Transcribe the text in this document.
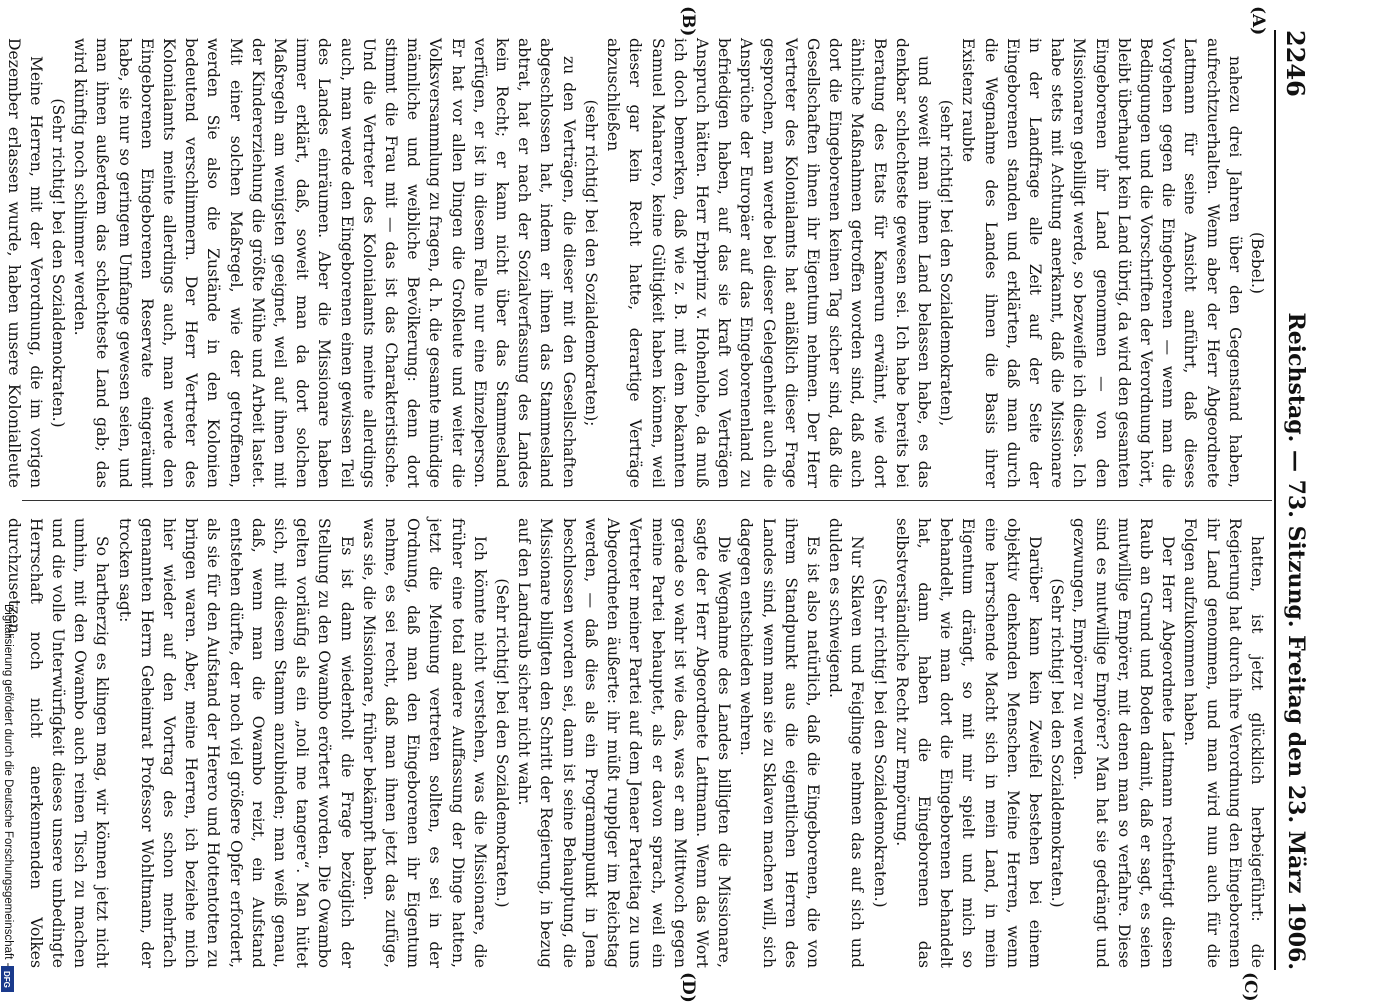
2246
Reichstag. — 73. Sitzung. Freitag den 23. März 1906.
(A)
(B)
(C)
(D)

(Bebel.)

nahezu drei Jahren über den Gegenstand haben, aufrechtzuerhalten. Wenn aber der Herr Abgeordnete Lattmann für seine Ansicht anführt, daß dieses Vorgehen gegen die Eingeborenen — wenn man die Bedingungen und die Vorschriften der Verordnung hört, bleibt überhaupt kein Land übrig, da wird den gesamten Eingeborenen ihr Land genommen — von den Missionaren gebilligt werde, so bezweifle ich dieses. Ich habe stets mit Achtung anerkannt, daß die Missionare in der Landfrage alle Zeit auf der Seite der Eingeborenen standen und erklärten, daß man durch die Wegnahme des Landes ihnen die Basis ihrer Existenz raubte

(sehr richtig! bei den Sozialdemokraten),

und soweit man ihnen Land belassen habe, es das denkbar schlechteste gewesen sei. Ich habe bereits bei Beratung des Etats für Kamerun erwähnt, wie dort ähnliche Maßnahmen getroffen worden sind, daß auch dort die Eingeborenen keinen Tag sicher sind, daß die Gesellschaften ihnen ihr Eigentum nehmen. Der Herr Vertreter des Kolonialamts hat anläßlich dieser Frage gesprochen, man werde bei dieser Gelegenheit auch die Ansprüche der Europäer auf das Eingeborenenland zu befriedigen haben, auf das sie kraft von Verträgen Anspruch hätten. Herr Erbprinz v. Hohenlohe, da muß ich doch bemerken, daß wie z. B. mit dem bekannten Samuel Maharero, keine Gültigkeit haben können, weil dieser gar kein Recht hatte, derartige Verträge abzuschließen

(sehr richtig! bei den Sozialdemokraten);

zu den Verträgen, die dieser mit den Gesellschaften abgeschlossen hat, indem er ihnen das Stammesland abtrat, hat er nach der Sozialverfassung des Landes kein Recht; er kann nicht über das Stammesland verfügen, er ist in diesem Falle nur eine Einzelperson. Er hat vor allen Dingen die Großleute und weiter die Volksversammlung zu fragen, d. h. die gesamte mündige männliche und weibliche Bevölkerung: denn dort stimmt die Frau mit — das ist das Charakteristische. Und die Vertreter des Kolonialamts meinte allerdings auch, man werde den Eingeborenen einen gewissen Teil des Landes einräumen. Aber die Missionare haben immer erklärt, daß, soweit man da dort solchen Maßregeln am wenigsten geeignet, weil auf ihnen mit der Kindererziehung die größte Mühe und Arbeit lastet. Mit einer solchen Maßregel, wie der getroffenen, werden Sie also die Zustände in den Kolonien bedeutend verschlimmern. Der Herr Vertreter des Kolonialamts meinte allerdings auch, man werde den Eingeborenen Eingeborenen Reservate eingeräumt habe, sie nur so geringem Umfange gewesen seien, und man ihnen außerdem das schlechteste Land gab; das wird künftig noch schlimmer werden.

(Sehr richtig! bei den Sozialdemokraten.)

Meine Herren, mit der Verordnung, die im vorigen Dezember erlassen wurde, haben unsere Kolonialleute

hatten, ist jetzt glücklich herbeigeführt: die Regierung hat durch ihre Verordnung den Eingeborenen ihr Land genommen, und man wird nun auch für die Folgen aufzukommen haben.

Der Herr Abgeordnete Lattmann rechtfertigt diesen Raub an Grund und Boden damit, daß er sagt, es seien mutwillige Empörer, mit denen man so verfahre. Diese sind es mutwillige Empörer? Man hat sie gedrängt und gezwungen, Empörer zu werden.

(Sehr richtig! bei den Sozialdemokraten.)

Darüber kann kein Zweifel bestehen bei einem objektiv denkenden Menschen. Meine Herren, wenn eine herrschende Macht sich in mein Land, in mein Eigentum drängt, so mit mir spielt und mich so behandelt, wie man dort die Eingeborenen behandelt hat, dann haben die Eingeborenen das selbstverständliche Recht zur Empörung.

(Sehr richtig! bei den Sozialdemokraten.)

Nur Sklaven und Feiglinge nehmen das auf sich und dulden es schweigend.

Es ist also natürlich, daß die Eingeborenen, die von ihrem Standpunkt aus die eigentlichen Herren des Landes sind, wenn man sie zu Sklaven machen will, sich dagegen entschieden wehren.

Die Wegnahme des Landes billigten die Missionare, sagte der Herr Abgeordnete Lattmann. Wenn das Wort gerade so wahr ist wie das, was er am Mittwoch gegen meine Partei behauptet, als er davon sprach, weil ein Vertreter meiner Partei auf dem Jenaer Parteitag zu uns Abgeordneten äußerte: ihr müßt rupplger im Reichstag werden, — daß dies als ein Programmpunkt in Jena beschlossen worden sei, dann ist seine Behauptung, die Missionare billigten den Schritt der Regierung, in bezug auf den Landraub sicher nicht wahr.

(Sehr richtig! bei den Sozialdemokraten.)

Ich könnte nicht verstehen, was die Missionare, die früher eine total andere Auffassung der Dinge hatten, jetzt die Meinung vertreten sollten, es sei in der Ordnung, daß man den Eingeborenen ihr Eigentum nehme, es sei recht, daß man ihnen jetzt das zufüge, was sie, die Missionare, früher bekämpft haben.

Es ist dann wiederholt die Frage bezüglich der Stellung zu den Owambo erörtert worden. Die Owambo gelten vorläufig als ein „noli me tangere“. Man hütet sich, mit diesem Stamm anzubinden; man weiß genau, daß, wenn man die Owambo reizt, ein Aufstand entstehen dürfte, der noch viel größere Opfer erfordert, als sie für den Aufstand der Herero und Hottentotten zu bringen waren. Aber, meine Herren, ich beziehe mich hier wieder auf den Vortrag des schon mehrfach genannten Herrn Geheimrat Professor Wohltmann, der trocken sagt:

So hartherzig es klingen mag, wir können jetzt nicht umhin, mit den Owambo auch reinen Tisch zu machen und die volle Unterwürfigkeit dieses unsere unbedingte Herrschaft noch nicht anerkennenden Volkes durchzusetzen.

Digitalisierung gefördert durch die Deutsche Forschungsgemeinschaft -
DFG
